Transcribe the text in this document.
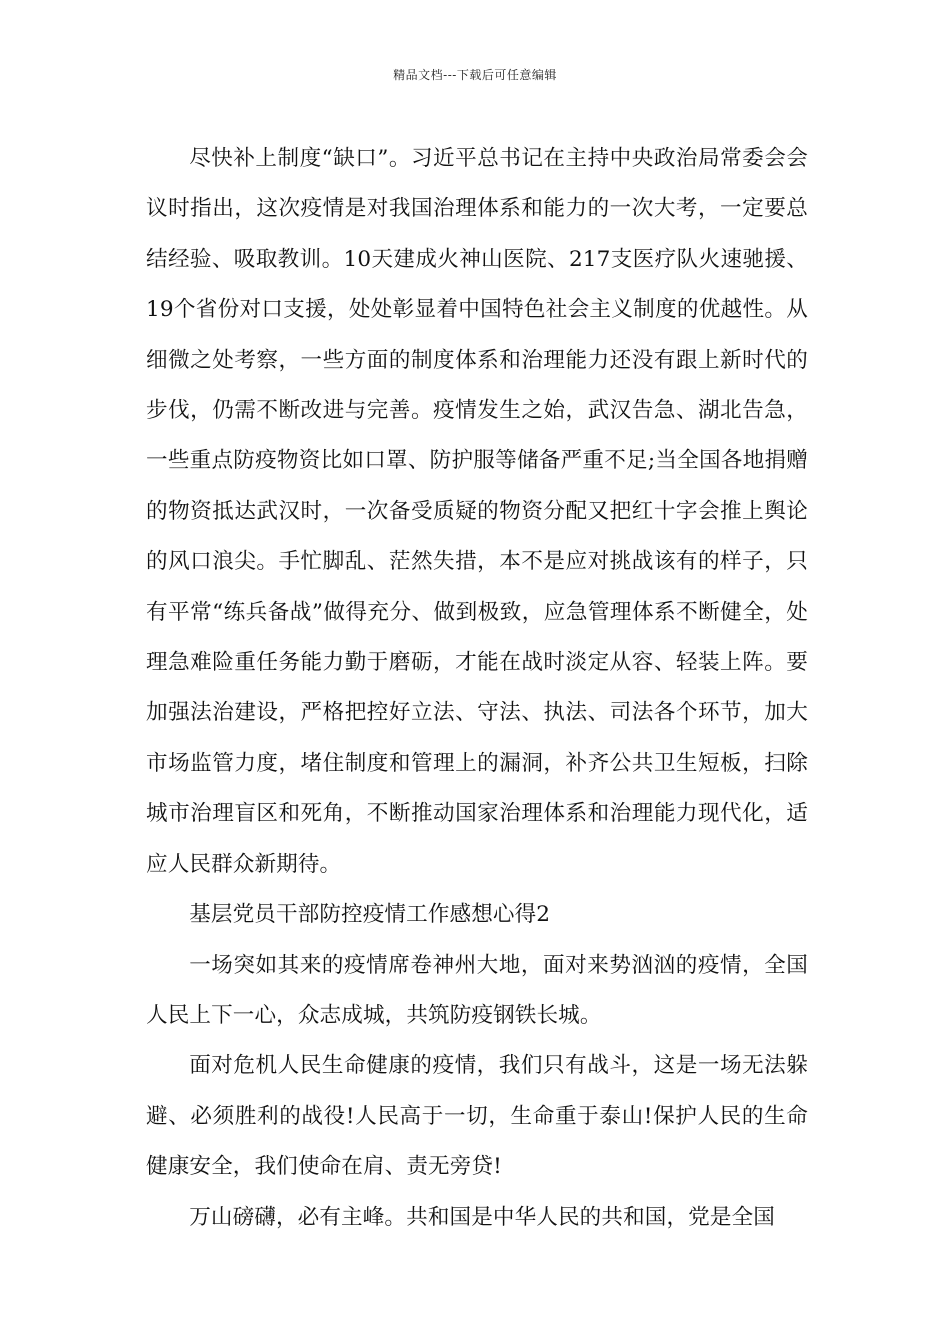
精品文档---下载后可任意编辑

尽快补上制度“缺口”。习近平总书记在主持中央政治局常委会会议时指出，这次疫情是对我国治理体系和能力的一次大考，一定要总结经验、吸取教训。10天建成火神山医院、217支医疗队火速驰援、19个省份对口支援，处处彰显着中国特色社会主义制度的优越性。从细微之处考察，一些方面的制度体系和治理能力还没有跟上新时代的步伐，仍需不断改进与完善。疫情发生之始，武汉告急、湖北告急，一些重点防疫物资比如口罩、防护服等储备严重不足;当全国各地捐赠的物资抵达武汉时，一次备受质疑的物资分配又把红十字会推上舆论的风口浪尖。手忙脚乱、茫然失措，本不是应对挑战该有的样子，只有平常“练兵备战”做得充分、做到极致，应急管理体系不断健全，处理急难险重任务能力勤于磨砺，才能在战时淡定从容、轻装上阵。要加强法治建设，严格把控好立法、守法、执法、司法各个环节，加大市场监管力度，堵住制度和管理上的漏洞，补齐公共卫生短板，扫除城市治理盲区和死角，不断推动国家治理体系和治理能力现代化，适应人民群众新期待。

基层党员干部防控疫情工作感想心得2

一场突如其来的疫情席卷神州大地，面对来势汹汹的疫情，全国人民上下一心，众志成城，共筑防疫钢铁长城。

面对危机人民生命健康的疫情，我们只有战斗，这是一场无法躲避、必须胜利的战役!人民高于一切，生命重于泰山!保护人民的生命健康安全，我们使命在肩、责无旁贷!

万山磅礴，必有主峰。共和国是中华人民的共和国，党是全国
